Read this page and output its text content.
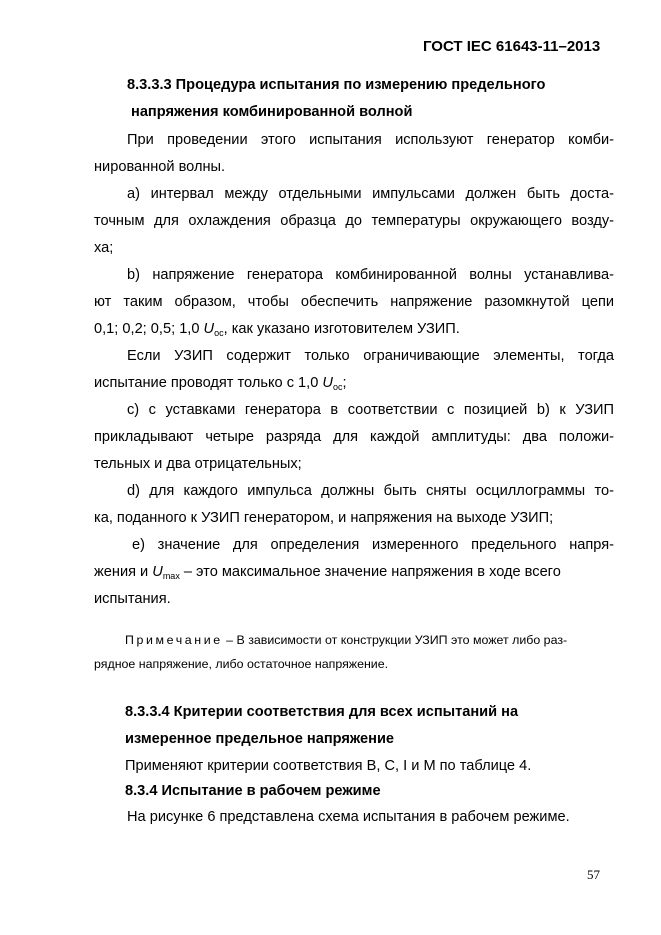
ГОСТ IEC 61643-11–2013
8.3.3.3 Процедура испытания по измерению предельного
напряжения комбинированной волной
При проведении этого испытания используют генератор комби-
нированной волны.
а) интервал между отдельными импульсами должен быть доста-
точным для охлаждения образца до температуры окружающего возду-
ха;
b) напряжение генератора комбинированной волны устанавлива-
ют таким образом, чтобы обеспечить напряжение разомкнутой цепи
0,1; 0,2; 0,5; 1,0 $U_{ос}$, как указано изготовителем УЗИП.
Если УЗИП содержит только ограничивающие элементы, тогда
испытание проводят только с 1,0 $U_{ос}$;
с) с уставками генератора в соответствии с позицией b) к УЗИП
прикладывают четыре разряда для каждой амплитуды: два положи-
тельных и два отрицательных;
d) для каждого импульса должны быть сняты осциллограммы то-
ка, поданного к УЗИП генератором, и напряжения на выходе УЗИП;
е) значение для определения измеренного предельного напря-
жения и $U_{max}$ – это максимальное значение напряжения в ходе всего
испытания.
Примечание – В зависимости от конструкции УЗИП это может либо раз-
рядное напряжение, либо остаточное напряжение.
8.3.3.4 Критерии соответствия для всех испытаний на
измеренное предельное напряжение
Применяют критерии соответствия В, С, I и М по таблице 4.
8.3.4 Испытание в рабочем режиме
На рисунке 6 представлена схема испытания в рабочем режиме.
57
